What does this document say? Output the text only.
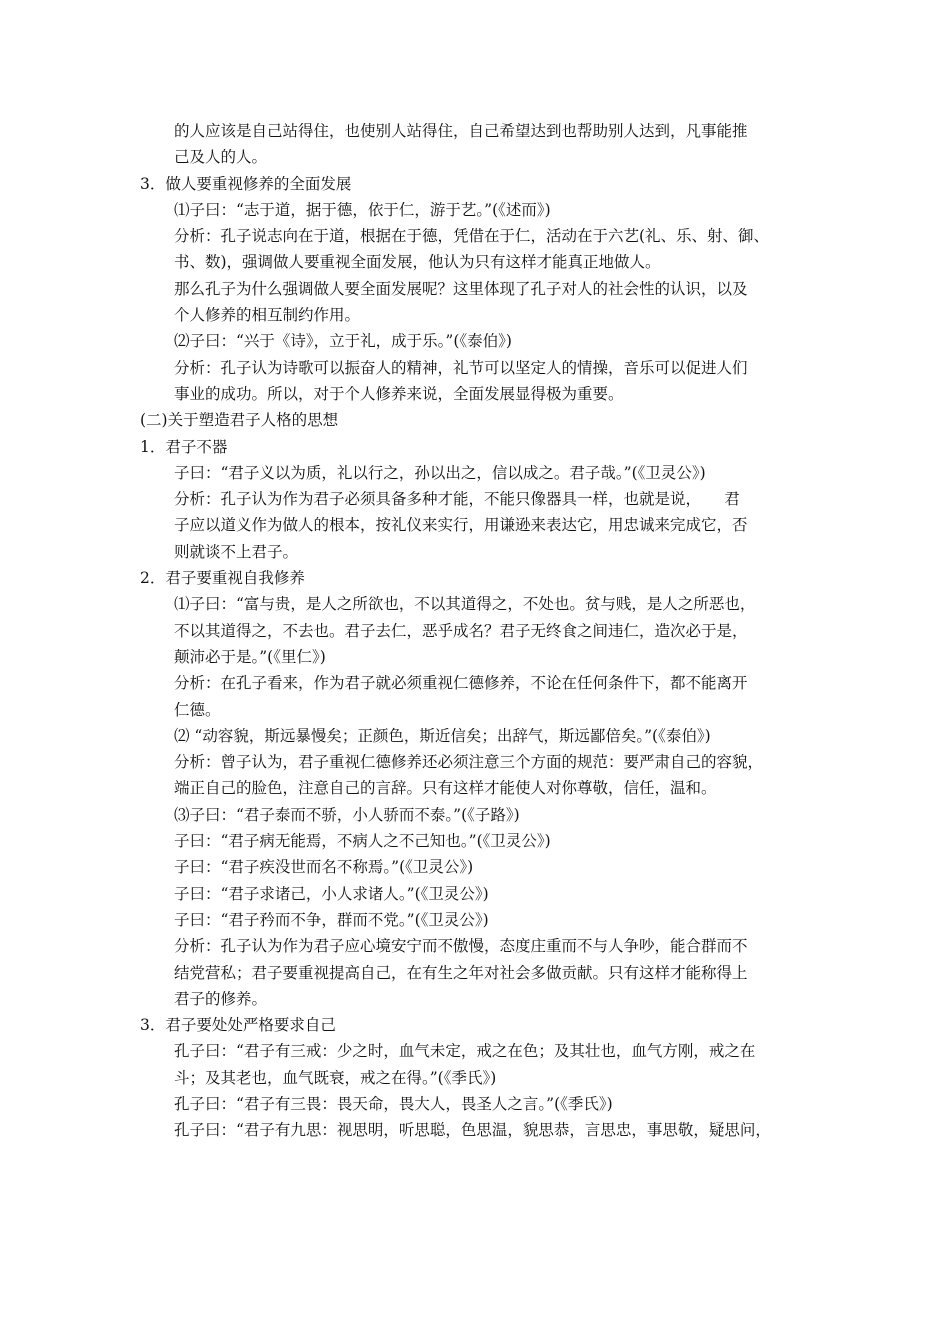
的人应该是自己站得住，也使别人站得住，自己希望达到也帮助别人达到，凡事能推
己及人的人。
3．做人要重视修养的全面发展
⑴子曰：“志于道，据于德，依于仁，游于艺。”(《述而》)
分析：孔子说志向在于道，根据在于德，凭借在于仁，活动在于六艺(礼、乐、射、御、
书、数)，强调做人要重视全面发展，他认为只有这样才能真正地做人。
那么孔子为什么强调做人要全面发展呢？这里体现了孔子对人的社会性的认识，以及
个人修养的相互制约作用。
⑵子曰：“兴于《诗》，立于礼，成于乐。”(《泰伯》)
分析：孔子认为诗歌可以振奋人的精神，礼节可以坚定人的情操，音乐可以促进人们
事业的成功。所以，对于个人修养来说，全面发展显得极为重要。
(二)关于塑造君子人格的思想
1．君子不器
子曰：“君子义以为质，礼以行之，孙以出之，信以成之。君子哉。”(《卫灵公》)
分析：孔子认为作为君子必须具备多种才能，不能只像器具一样，也就是说，　　君
子应以道义作为做人的根本，按礼仪来实行，用谦逊来表达它，用忠诚来完成它，否
则就谈不上君子。
2．君子要重视自我修养
⑴子曰：“富与贵，是人之所欲也，不以其道得之，不处也。贫与贱，是人之所恶也，
不以其道得之，不去也。君子去仁，恶乎成名？君子无终食之间违仁，造次必于是，
颠沛必于是。”(《里仁》)
分析：在孔子看来，作为君子就必须重视仁德修养，不论在任何条件下，都不能离开
仁德。
⑵ “动容貌，斯远暴慢矣；正颜色，斯近信矣；出辞气，斯远鄙倍矣。”(《泰伯》)
分析：曾子认为，君子重视仁德修养还必须注意三个方面的规范：要严肃自己的容貌，
端正自己的脸色，注意自己的言辞。只有这样才能使人对你尊敬，信任，温和。
⑶子曰：“君子泰而不骄，小人骄而不泰。”(《子路》)
子曰：“君子病无能焉，不病人之不己知也。”(《卫灵公》)
子曰：“君子疾没世而名不称焉。”(《卫灵公》)
子曰：“君子求诸己，小人求诸人。”(《卫灵公》)
子曰：“君子矜而不争，群而不党。”(《卫灵公》)
分析：孔子认为作为君子应心境安宁而不傲慢，态度庄重而不与人争吵，能合群而不
结党营私；君子要重视提高自己，在有生之年对社会多做贡献。只有这样才能称得上
君子的修养。
3．君子要处处严格要求自己
孔子曰：“君子有三戒：少之时，血气未定，戒之在色；及其壮也，血气方刚，戒之在
斗；及其老也，血气既衰，戒之在得。”(《季氏》)
孔子曰：“君子有三畏：畏天命，畏大人，畏圣人之言。”(《季氏》)
孔子曰：“君子有九思：视思明，听思聪，色思温，貌思恭，言思忠，事思敬，疑思问，
